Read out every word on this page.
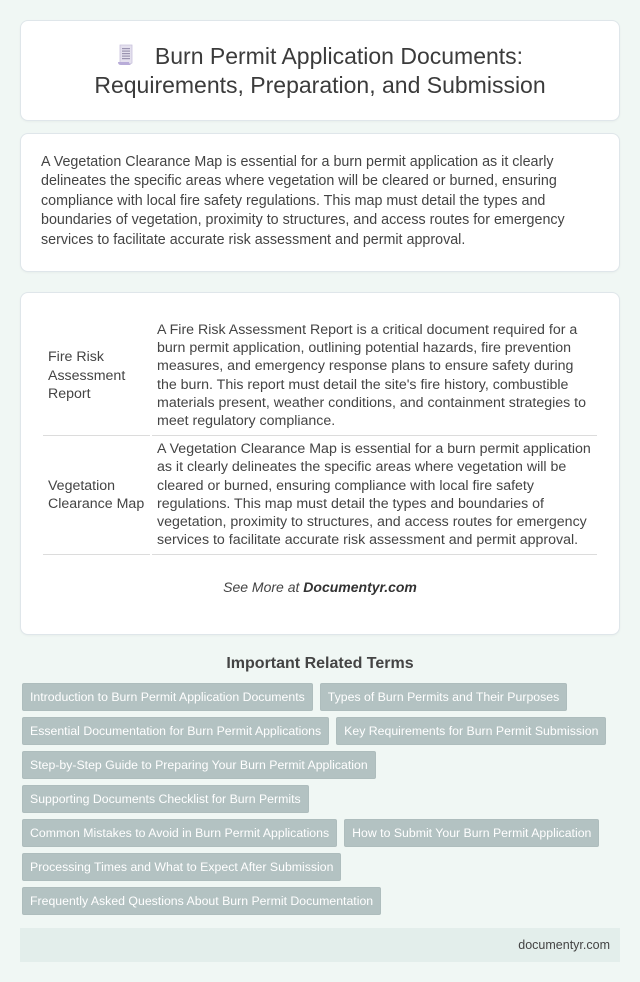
Burn Permit Application Documents: Requirements, Preparation, and Submission

A Vegetation Clearance Map is essential for a burn permit application as it clearly delineates the specific areas where vegetation will be cleared or burned, ensuring compliance with local fire safety regulations. This map must detail the types and boundaries of vegetation, proximity to structures, and access routes for emergency services to facilitate accurate risk assessment and permit approval.

Fire Risk Assessment Report	A Fire Risk Assessment Report is a critical document required for a burn permit application, outlining potential hazards, fire prevention measures, and emergency response plans to ensure safety during the burn. This report must detail the site's fire history, combustible materials present, weather conditions, and containment strategies to meet regulatory compliance.
Vegetation Clearance Map	A Vegetation Clearance Map is essential for a burn permit application as it clearly delineates the specific areas where vegetation will be cleared or burned, ensuring compliance with local fire safety regulations. This map must detail the types and boundaries of vegetation, proximity to structures, and access routes for emergency services to facilitate accurate risk assessment and permit approval.

See More at Documentyr.com

Important Related Terms
Introduction to Burn Permit Application Documents	Types of Burn Permits and Their Purposes
Essential Documentation for Burn Permit Applications	Key Requirements for Burn Permit Submission
Step-by-Step Guide to Preparing Your Burn Permit Application
Supporting Documents Checklist for Burn Permits
Common Mistakes to Avoid in Burn Permit Applications	How to Submit Your Burn Permit Application
Processing Times and What to Expect After Submission
Frequently Asked Questions About Burn Permit Documentation
documentyr.com
